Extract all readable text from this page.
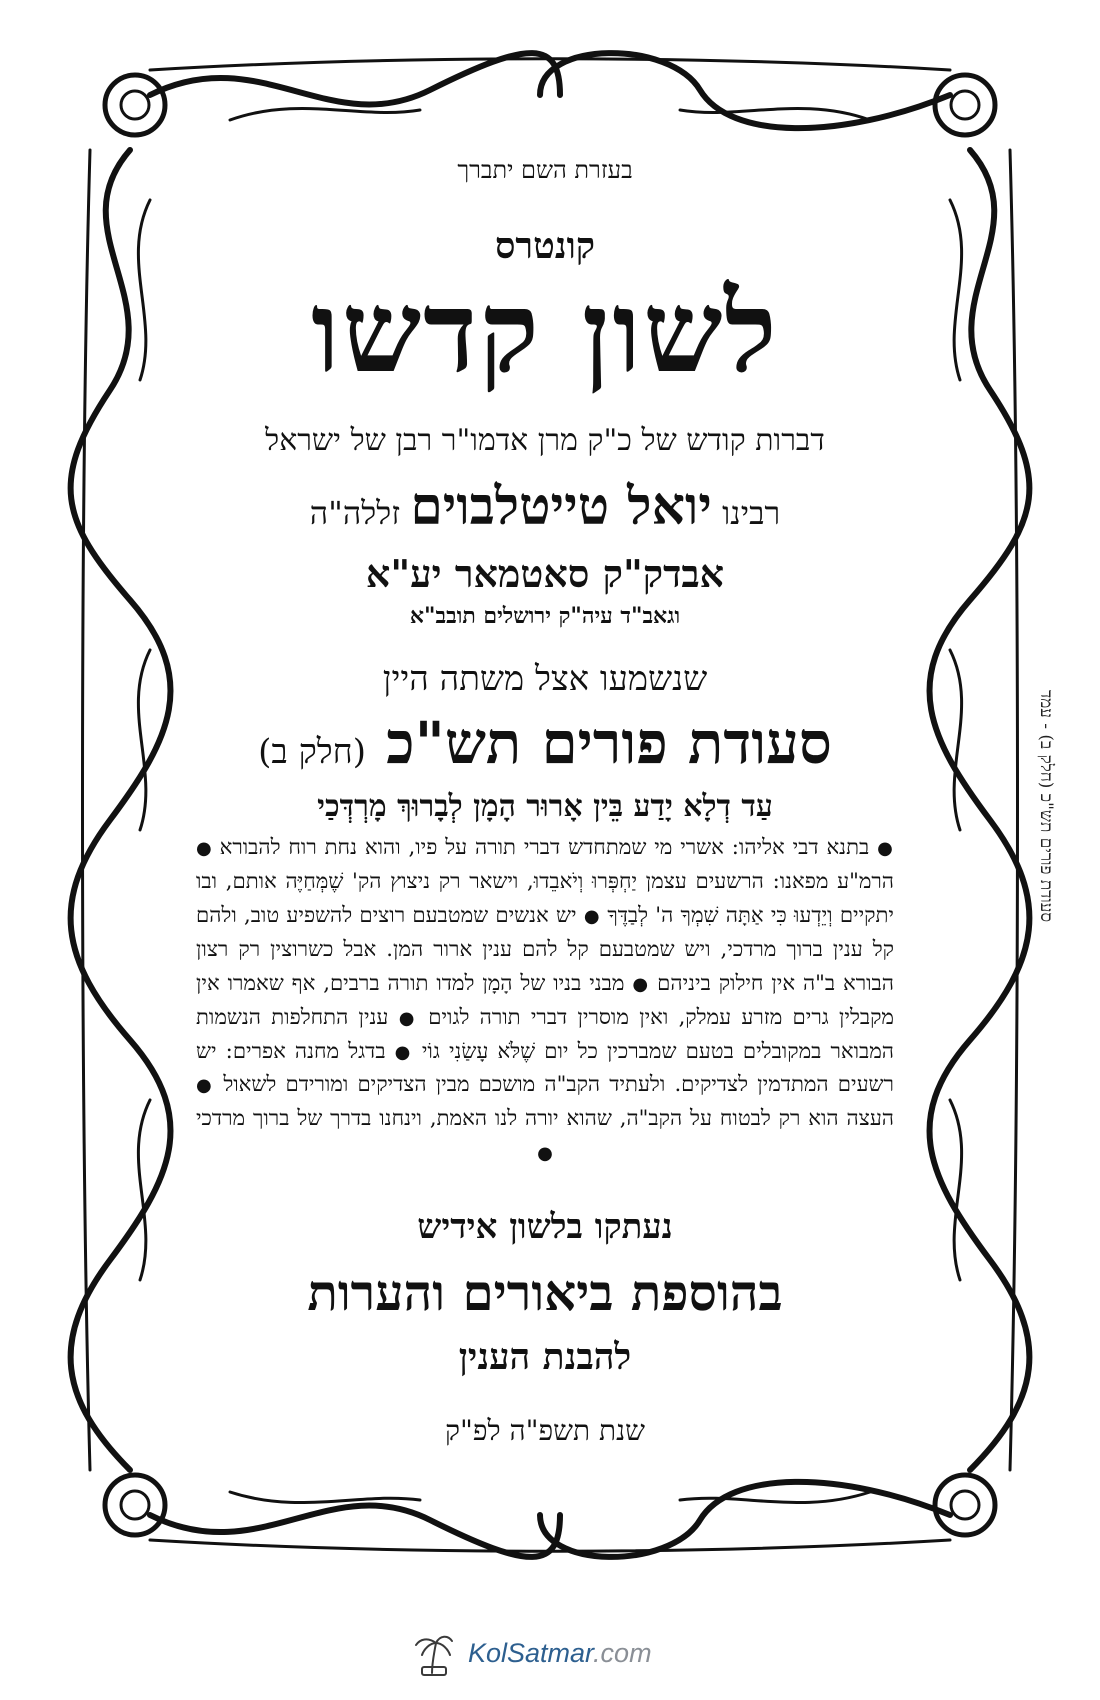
בעזרת השם יתברך
קונטרס
לשון קדשו
דברות קודש של כ"ק מרן אדמו"ר רבן של ישראל
רבינו יואל טייטלבוים זללה"ה
אבדק"ק סאטמאר יע"א
וגאב"ד עיה"ק ירושלים תובב"א
שנשמעו אצל משתה היין
סעודת פורים תש"כ (חלק ב)
עַד דְלָא יָדַע בֵּין אָרוּר הָמָן לְבָרוּךְ מָרְדְּכַי
● בתנא דבי אליהו: אשרי מי שמתחדש דברי תורה על פיו, והוא נחת רוח להבורא ● הרמ"ע מפאנו: הרשעים עצמן יַחְפְּרוּ וְיֹאבֵדוּ, וישאר רק ניצוץ הק' שֶׁמְּחַיֶּה אותם, ובו יתקיים וְיֵדְעוּ כִּי אַתָּה שִׁמְךָ ה' לְבַדֶּךָ ● יש אנשים שמטבעם רוצים להשפיע טוב, ולהם קל ענין ברוך מרדכי, ויש שמטבעם קל להם ענין ארור המן. אבל כשרוצין רק רצון הבורא ב"ה אין חילוק ביניהם ● מבני בניו של הָמָן למדו תורה ברבים, אף שאמרו אין מקבלין גרים מזרע עמלק, ואין מוסרין דברי תורה לגוים ● ענין התחלפות הנשמות המבואר במקובלים בטעם שמברכין כל יום שֶׁלֹּא עָשַׂנִי גוֹי ● בדגל מחנה אפרים: יש רשעים המתדמין לצדיקים. ולעתיד הקב"ה מושכם מבין הצדיקים ומורידם לשאול ● העצה הוא רק לבטוח על הקב"ה, שהוא יורה לנו האמת, וינחנו בדרך של ברוך מרדכי ●
נעתקו בלשון אידיש
בהוספת ביאורים והערות
להבנת הענין
שנת תשפ"ה לפ"ק
סעודת פורים תש"כ (חלק ב) - עמד
KolSatmar.com
